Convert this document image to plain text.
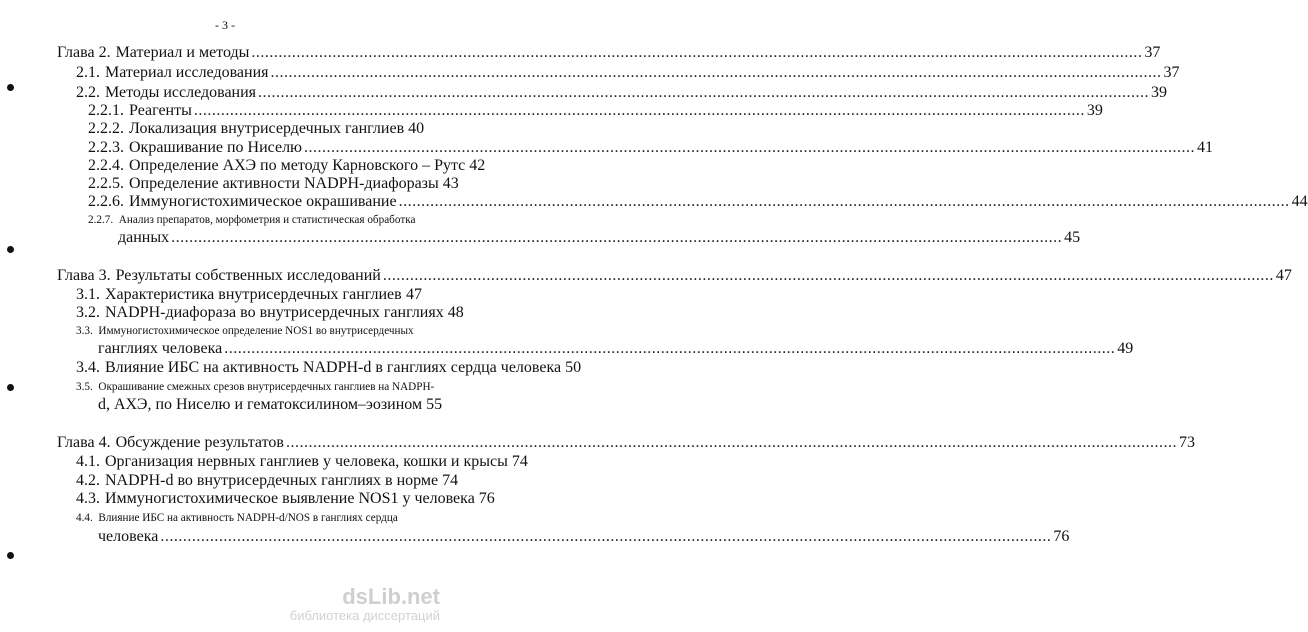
- 3 -
Глава 2. Материал и методы .....	37
2.1. Материал исследования .....	37
2.2. Методы исследования .....	39
2.2.1. Реагенты .....	39
2.2.2. Локализация внутрисердечных ганглиев 40
2.2.3. Окрашивание по Ниселю .....	41
2.2.4. Определение АХЭ по методу Карновского – Рутс 42
2.2.5. Определение активности NADPH-диафоразы 43
2.2.6. Иммуногистохимическое окрашивание .....	44
2.2.7. Анализ препаратов, морфометрия и статистическая обработка
данных .....	45
Глава 3. Результаты собственных исследований .....	47
3.1. Характеристика внутрисердечных ганглиев ..... 47
3.2. NADPH-диафораза во внутрисердечных ганглиях 48
3.3. Иммуногистохимическое определение NOS1 во внутрисердечных
ганглиях человека .....	49
3.4. Влияние ИБС на активность NADPH-d в ганглиях сердца человека 50
3.5. Окрашивание смежных срезов внутрисердечных ганглиев на NADPH-
d, АХЭ, по Ниселю и гематоксилином–эозином 55
Глава 4. Обсуждение результатов .....	73
4.1. Организация нервных ганглиев у человека, кошки и крысы 74
4.2. NADPH-d во внутрисердечных ганглиях в норме 74
4.3. Иммуногистохимическое выявление NOS1 у человека 76
4.4. Влияние ИБС на активность NADPH-d/NOS в ганглиях сердца
человека .....	76
dsLib.net
библиотека диссертаций
